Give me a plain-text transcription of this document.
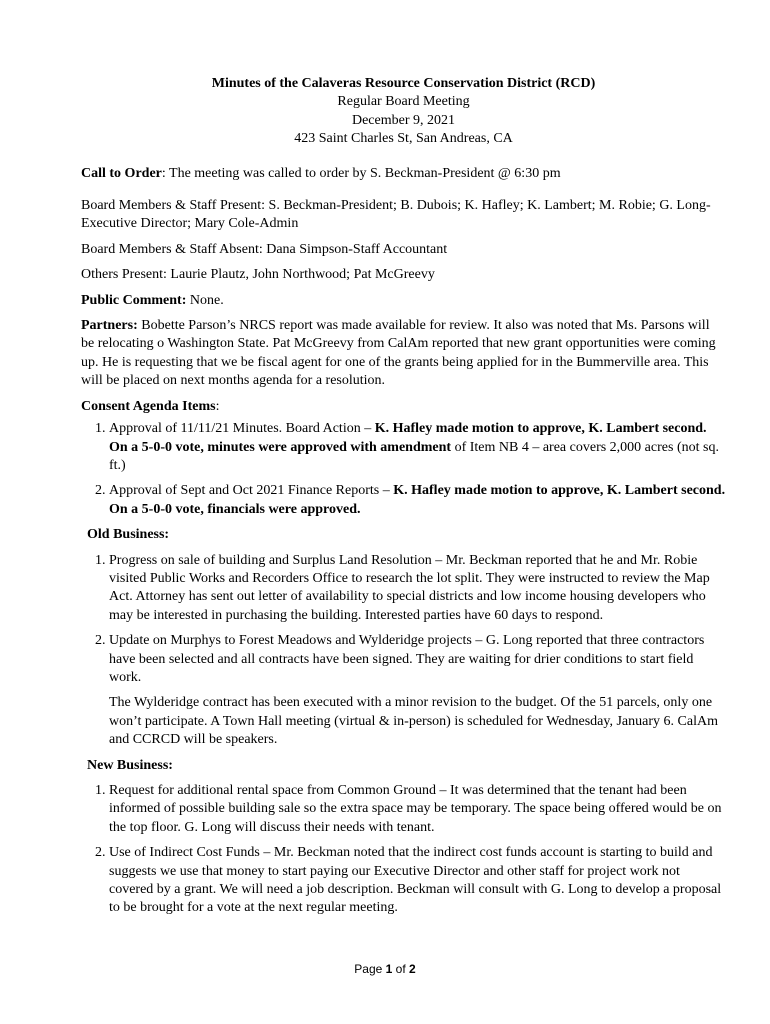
Minutes of the Calaveras Resource Conservation District (RCD)
Regular Board Meeting
December 9, 2021
423 Saint Charles St, San Andreas, CA

Call to Order: The meeting was called to order by S. Beckman-President @ 6:30 pm

Board Members & Staff Present: S. Beckman-President; B. Dubois; K. Hafley; K. Lambert; M. Robie; G. Long-Executive Director; Mary Cole-Admin

Board Members & Staff Absent: Dana Simpson-Staff Accountant

Others Present: Laurie Plautz, John Northwood; Pat McGreevy

Public Comment: None.

Partners: Bobette Parson’s NRCS report was made available for review. It also was noted that Ms. Parsons will be relocating o Washington State. Pat McGreevy from CalAm reported that new grant opportunities were coming up. He is requesting that we be fiscal agent for one of the grants being applied for in the Bummerville area. This will be placed on next months agenda for a resolution.

Consent Agenda Items:

1. Approval of 11/11/21 Minutes. Board Action – K. Hafley made motion to approve, K. Lambert second. On a 5-0-0 vote, minutes were approved with amendment of Item NB 4 – area covers 2,000 acres (not sq. ft.)
2. Approval of Sept and Oct 2021 Finance Reports – K. Hafley made motion to approve, K. Lambert second. On a 5-0-0 vote, financials were approved.
Old Business:
1. Progress on sale of building and Surplus Land Resolution – Mr. Beckman reported that he and Mr. Robie visited Public Works and Recorders Office to research the lot split. They were instructed to review the Map Act. Attorney has sent out letter of availability to special districts and low income housing developers who may be interested in purchasing the building. Interested parties have 60 days to respond.
2. Update on Murphys to Forest Meadows and Wylderidge projects – G. Long reported that three contractors have been selected and all contracts have been signed. They are waiting for drier conditions to start field work.
The Wylderidge contract has been executed with a minor revision to the budget. Of the 51 parcels, only one won’t participate. A Town Hall meeting (virtual & in-person) is scheduled for Wednesday, January 6. CalAm and CCRCD will be speakers.
New Business:
1. Request for additional rental space from Common Ground – It was determined that the tenant had been informed of possible building sale so the extra space may be temporary. The space being offered would be on the top floor. G. Long will discuss their needs with tenant.
2. Use of Indirect Cost Funds – Mr. Beckman noted that the indirect cost funds account is starting to build and suggests we use that money to start paying our Executive Director and other staff for project work not covered by a grant. We will need a job description. Beckman will consult with G. Long to develop a proposal to be brought for a vote at the next regular meeting.
Page 1 of 2
